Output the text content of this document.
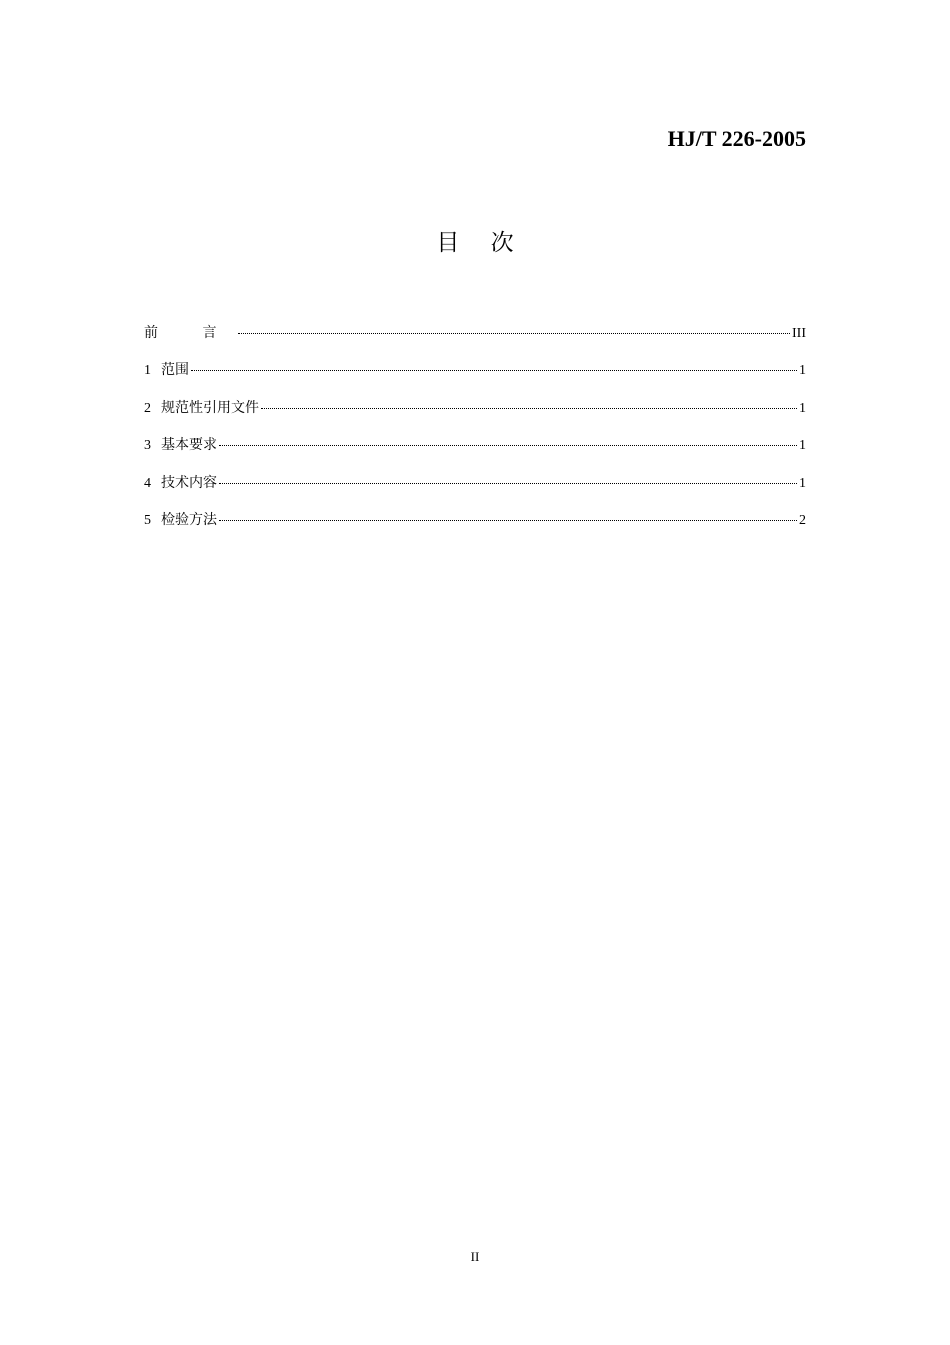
HJ/T 226-2005
目 次
前 言	III
1 范围	1
2 规范性引用文件	1
3 基本要求	1
4 技术内容	1
5 检验方法	2
II
